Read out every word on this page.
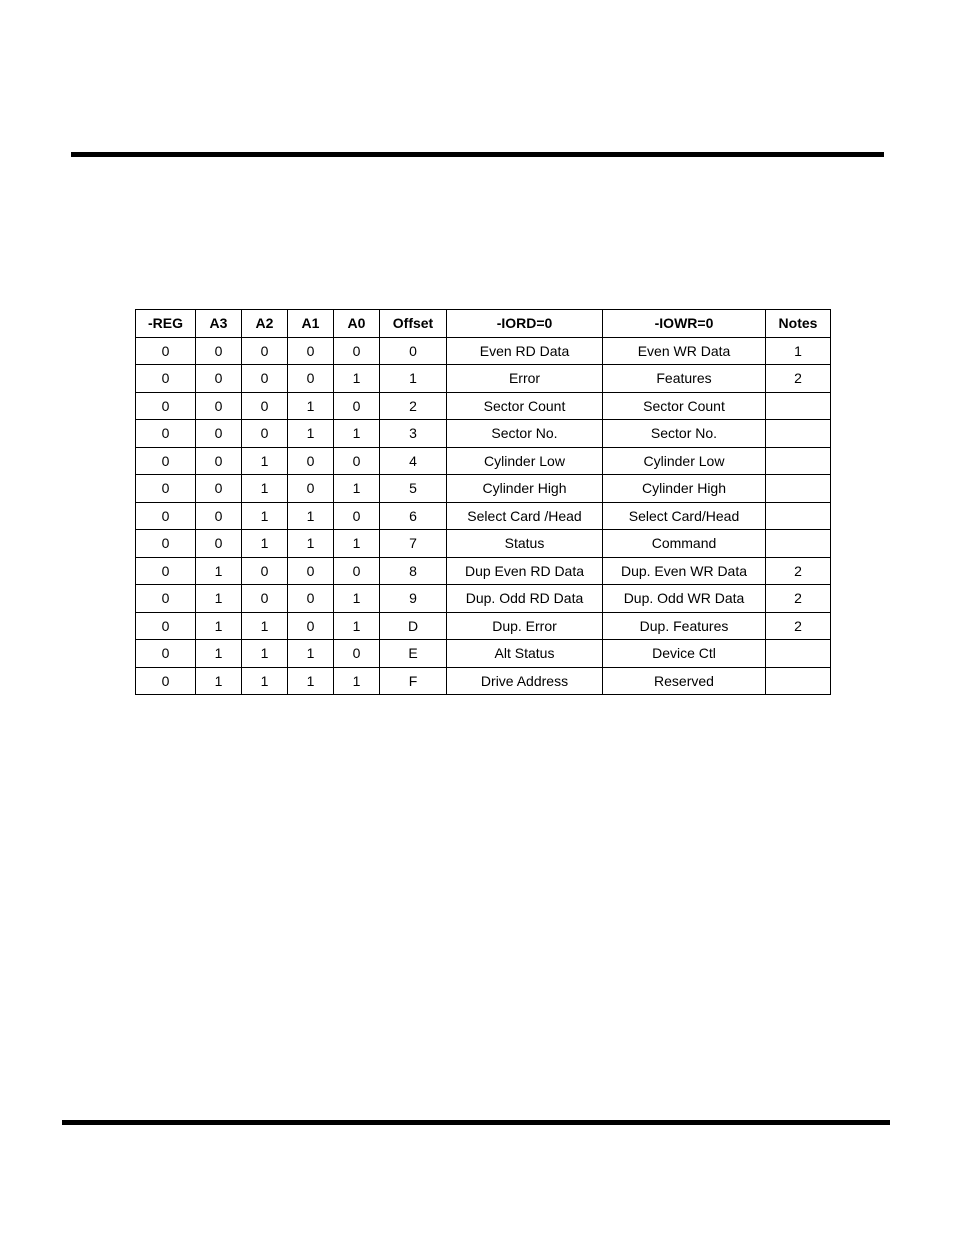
-REG	A3	A2	A1	A0	Offset	-IORD=0	-IOWR=0	Notes
0	0	0	0	0	0	Even RD Data	Even WR Data	1
0	0	0	0	1	1	Error	Features	2
0	0	0	1	0	2	Sector Count	Sector Count	
0	0	0	1	1	3	Sector No.	Sector No.	
0	0	1	0	0	4	Cylinder Low	Cylinder Low	
0	0	1	0	1	5	Cylinder High	Cylinder High	
0	0	1	1	0	6	Select Card /Head	Select Card/Head	
0	0	1	1	1	7	Status	Command	
0	1	0	0	0	8	Dup Even RD Data	Dup. Even WR Data	2
0	1	0	0	1	9	Dup. Odd RD Data	Dup. Odd WR Data	2
0	1	1	0	1	D	Dup. Error	Dup. Features	2
0	1	1	1	0	E	Alt Status	Device Ctl	
0	1	1	1	1	F	Drive Address	Reserved	
